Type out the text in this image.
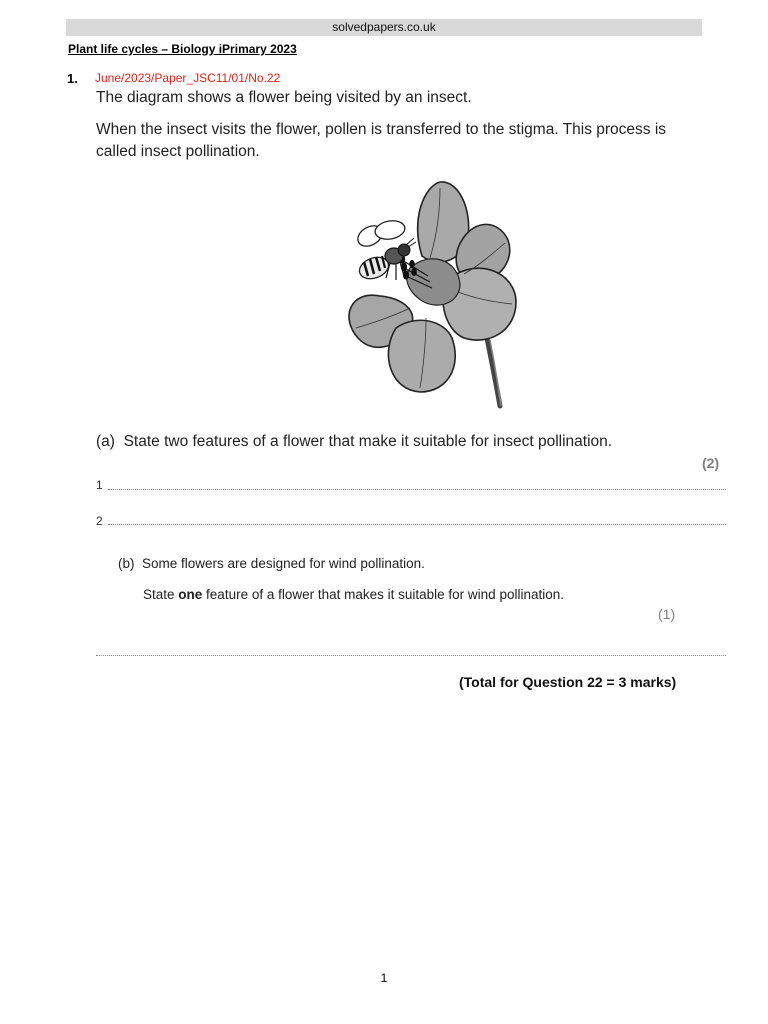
solvedpapers.co.uk
Plant life cycles – Biology iPrimary 2023
1. June/2023/Paper_JSC11/01/No.22
The diagram shows a flower being visited by an insect.
When the insect visits the flower, pollen is transferred to the stigma. This process is called insect pollination.
(a) State two features of a flower that make it suitable for insect pollination.
(2)
1
2
(b) Some flowers are designed for wind pollination.
State one feature of a flower that makes it suitable for wind pollination.
(1)
(Total for Question 22 = 3 marks)
1
